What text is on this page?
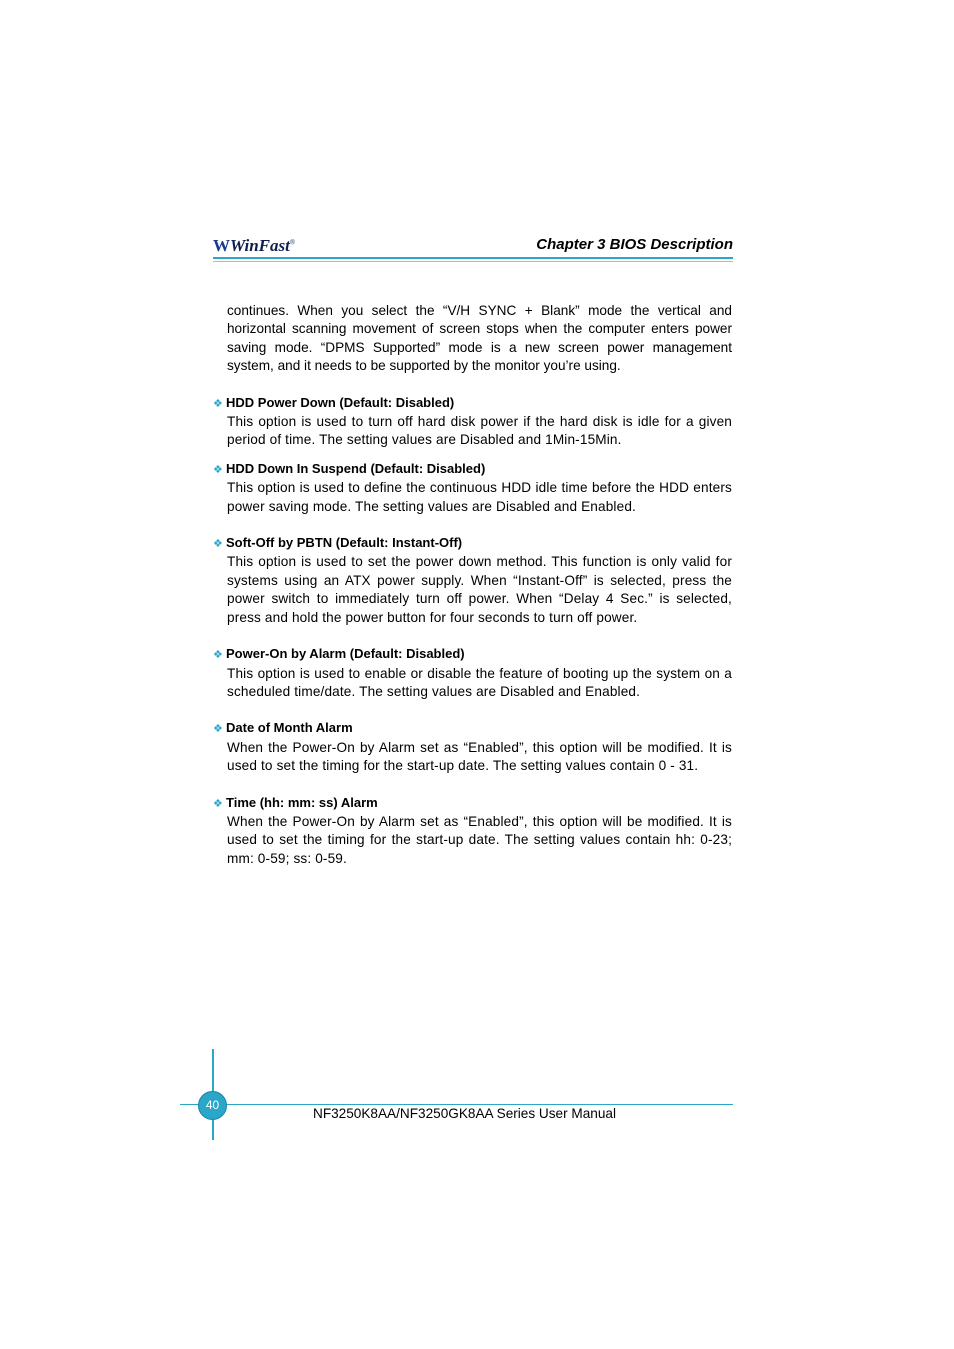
W WinFast®	Chapter 3 BIOS Description

continues. When you select the “V/H SYNC + Blank” mode the vertical and horizontal scanning movement of screen stops when the computer enters power saving mode. “DPMS Supported” mode is a new screen power management system, and it needs to be supported by the monitor you’re using.

❖ HDD Power Down (Default: Disabled)

This option is used to turn off hard disk power if the hard disk is idle for a given period of time. The setting values are Disabled and 1Min-15Min.

❖ HDD Down In Suspend (Default: Disabled)

This option is used to define the continuous HDD idle time before the HDD enters power saving mode. The setting values are Disabled and Enabled.

❖ Soft-Off by PBTN (Default: Instant-Off)

This option is used to set the power down method. This function is only valid for systems using an ATX power supply. When “Instant-Off” is selected, press the power switch to immediately turn off power. When “Delay 4 Sec.” is selected, press and hold the power button for four seconds to turn off power.

❖ Power-On by Alarm (Default: Disabled)

This option is used to enable or disable the feature of booting up the system on a scheduled time/date. The setting values are Disabled and Enabled.

❖ Date of Month Alarm

When the Power-On by Alarm set as “Enabled”, this option will be modified. It is used to set the timing for the start-up date. The setting values contain 0 - 31.

❖ Time (hh: mm: ss) Alarm

When the Power-On by Alarm set as “Enabled”, this option will be modified. It is used to set the timing for the start-up date. The setting values contain hh: 0-23; mm: 0-59; ss: 0-59.

40
NF3250K8AA/NF3250GK8AA Series User Manual
